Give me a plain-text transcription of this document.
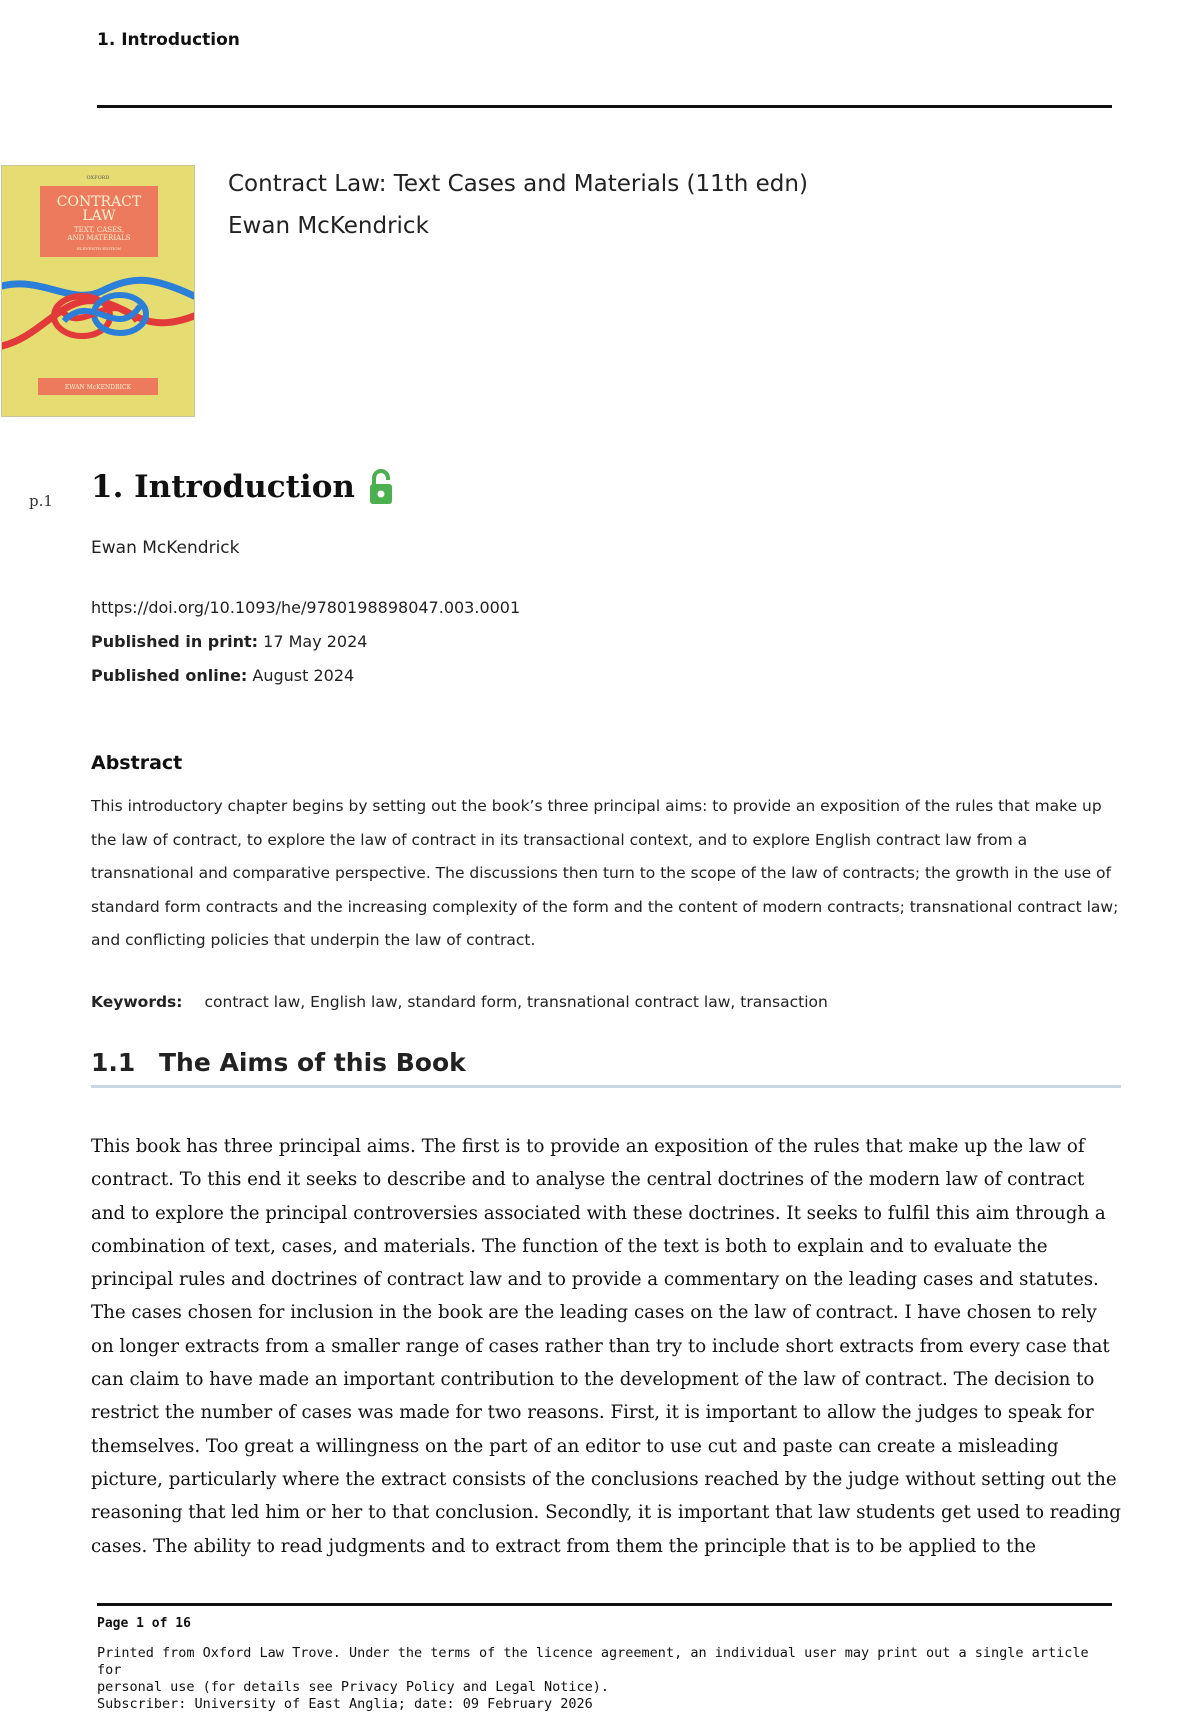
1. Introduction
OXFORD
CONTRACT
LAW
TEXT, CASES,
AND MATERIALS
ELEVENTH EDITION
EWAN McKENDRICK
Contract Law: Text Cases and Materials (11th edn)
Ewan McKendrick
p.1 1. Introduction
Ewan McKendrick
https://doi.org/10.1093/he/9780198898047.003.0001
Published in print: 17 May 2024
Published online: August 2024
Abstract
This introductory chapter begins by setting out the book’s three principal aims: to provide an exposition of the rules that make up the law of contract, to explore the law of contract in its transactional context, and to explore English contract law from a transnational and comparative perspective. The discussions then turn to the scope of the law of contracts; the growth in the use of standard form contracts and the increasing complexity of the form and the content of modern contracts; transnational contract law; and conflicting policies that underpin the law of contract.
Keywords: contract law, English law, standard form, transnational contract law, transaction
1.1 The Aims of this Book
This book has three principal aims. The first is to provide an exposition of the rules that make up the law of contract. To this end it seeks to describe and to analyse the central doctrines of the modern law of contract and to explore the principal controversies associated with these doctrines. It seeks to fulfil this aim through a combination of text, cases, and materials. The function of the text is both to explain and to evaluate the principal rules and doctrines of contract law and to provide a commentary on the leading cases and statutes. The cases chosen for inclusion in the book are the leading cases on the law of contract. I have chosen to rely on longer extracts from a smaller range of cases rather than try to include short extracts from every case that can claim to have made an important contribution to the development of the law of contract. The decision to restrict the number of cases was made for two reasons. First, it is important to allow the judges to speak for themselves. Too great a willingness on the part of an editor to use cut and paste can create a misleading picture, particularly where the extract consists of the conclusions reached by the judge without setting out the reasoning that led him or her to that conclusion. Secondly, it is important that law students get used to reading cases. The ability to read judgments and to extract from them the principle that is to be applied to the
Page 1 of 16
Printed from Oxford Law Trove. Under the terms of the licence agreement, an individual user may print out a single article for
personal use (for details see Privacy Policy and Legal Notice).
Subscriber: University of East Anglia; date: 09 February 2026
